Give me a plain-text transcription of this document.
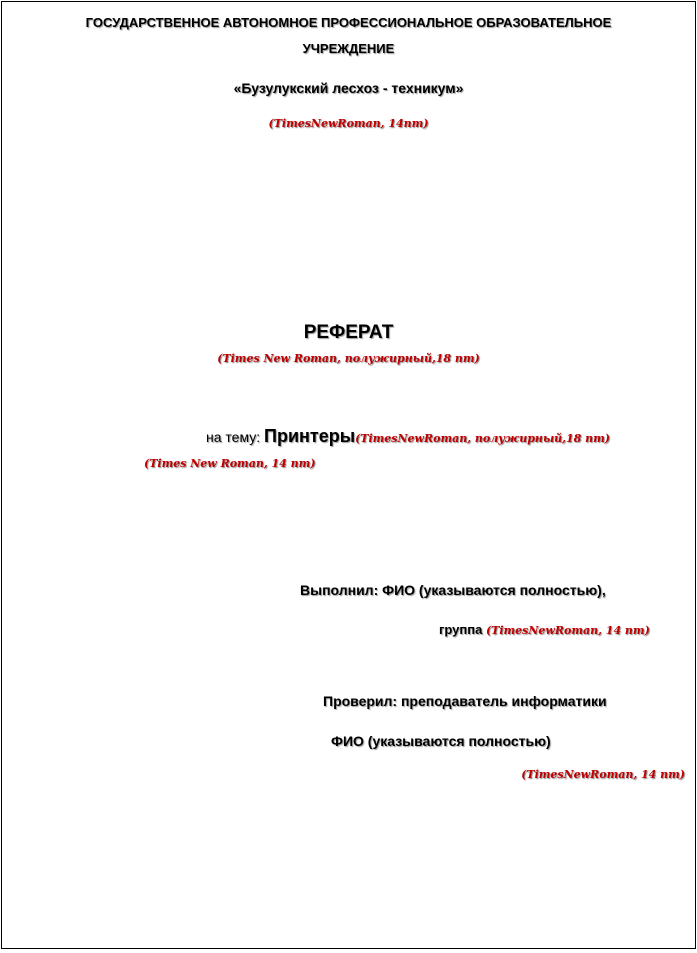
ГОСУДАРСТВЕННОЕ АВТОНОМНОЕ ПРОФЕССИОНАЛЬНОЕ ОБРАЗОВАТЕЛЬНОЕ
УЧРЕЖДЕНИЕ
«Бузулукский лесхоз - техникум»
(TimesNewRoman, 14пт)
РЕФЕРАТ
(Times New Roman, полужирный,18 пт)
на тему: Принтеры(TimesNewRoman, полужирный,18 пт)
(Times New Roman, 14 пт)
Выполнил: ФИО (указываются полностью),
группа (TimesNewRoman, 14 пт)
Проверил: преподаватель информатики
ФИО (указываются полностью)
(TimesNewRoman, 14 пт)
